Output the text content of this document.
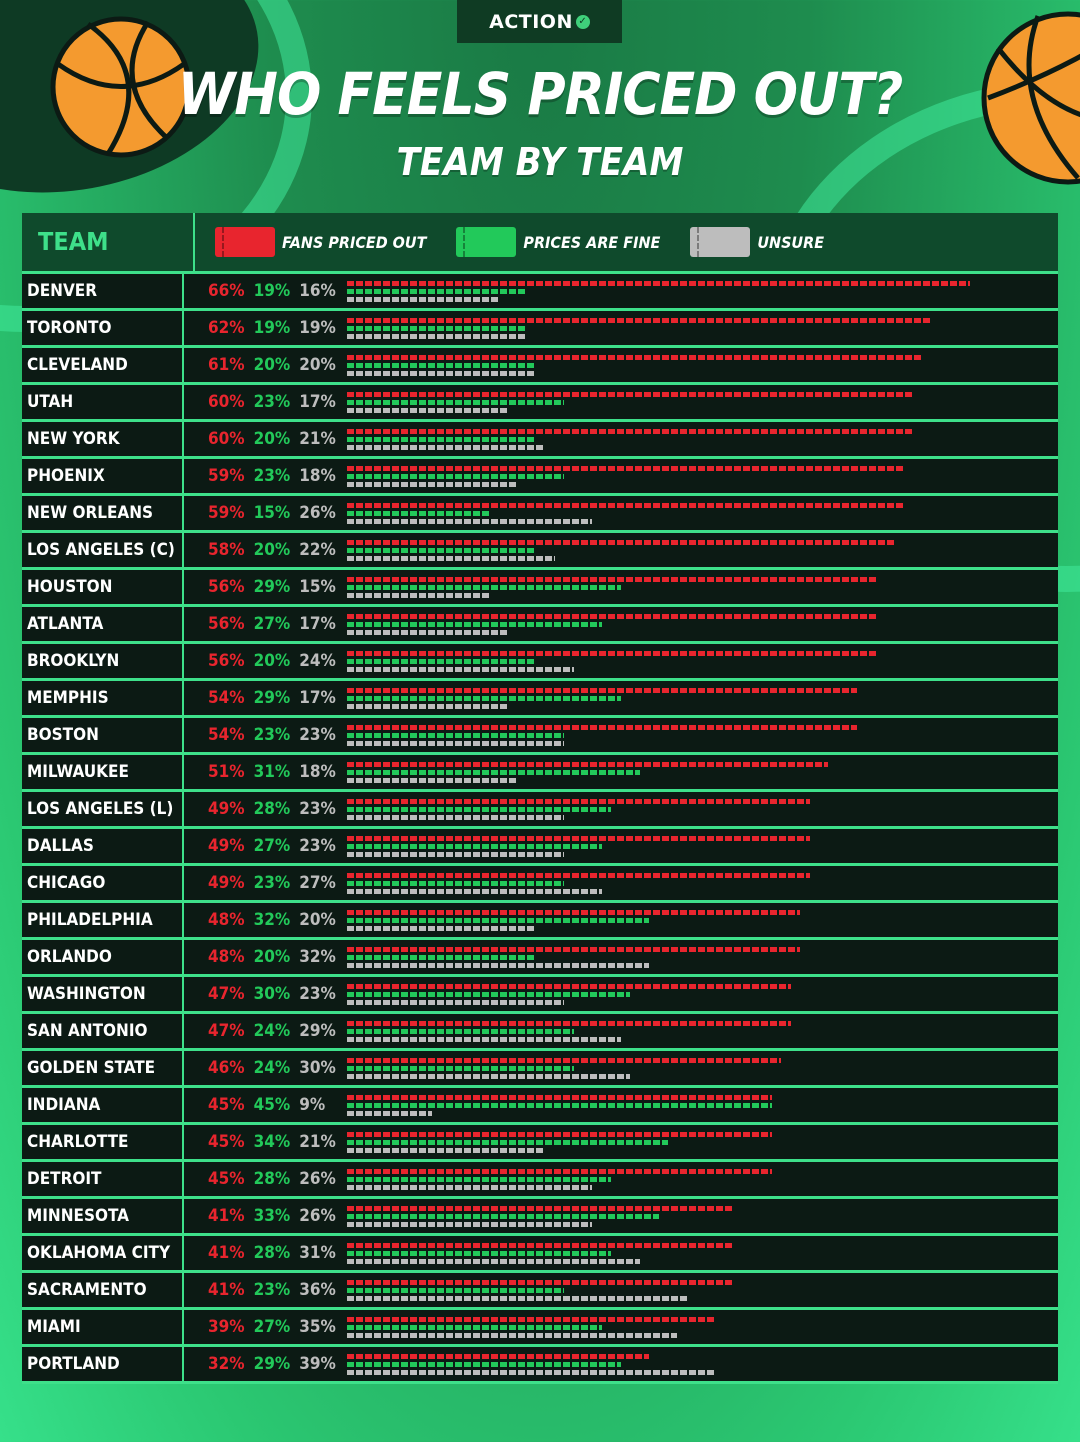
ACTION ✓
WHO FEELS PRICED OUT?
TEAM BY TEAM
TEAM	FANS PRICED OUT	PRICES ARE FINE	UNSURE
DENVER	66% 19% 16%
TORONTO	62% 19% 19%
CLEVELAND	61% 20% 20%
UTAH	60% 23% 17%
NEW YORK	60% 20% 21%
PHOENIX	59% 23% 18%
NEW ORLEANS	59% 15% 26%
LOS ANGELES (C)	58% 20% 22%
HOUSTON	56% 29% 15%
ATLANTA	56% 27% 17%
BROOKLYN	56% 20% 24%
MEMPHIS	54% 29% 17%
BOSTON	54% 23% 23%
MILWAUKEE	51% 31% 18%
LOS ANGELES (L)	49% 28% 23%
DALLAS	49% 27% 23%
CHICAGO	49% 23% 27%
PHILADELPHIA	48% 32% 20%
ORLANDO	48% 20% 32%
WASHINGTON	47% 30% 23%
SAN ANTONIO	47% 24% 29%
GOLDEN STATE	46% 24% 30%
INDIANA	45% 45% 9%
CHARLOTTE	45% 34% 21%
DETROIT	45% 28% 26%
MINNESOTA	41% 33% 26%
OKLAHOMA CITY	41% 28% 31%
SACRAMENTO	41% 23% 36%
MIAMI	39% 27% 35%
PORTLAND	32% 29% 39%
